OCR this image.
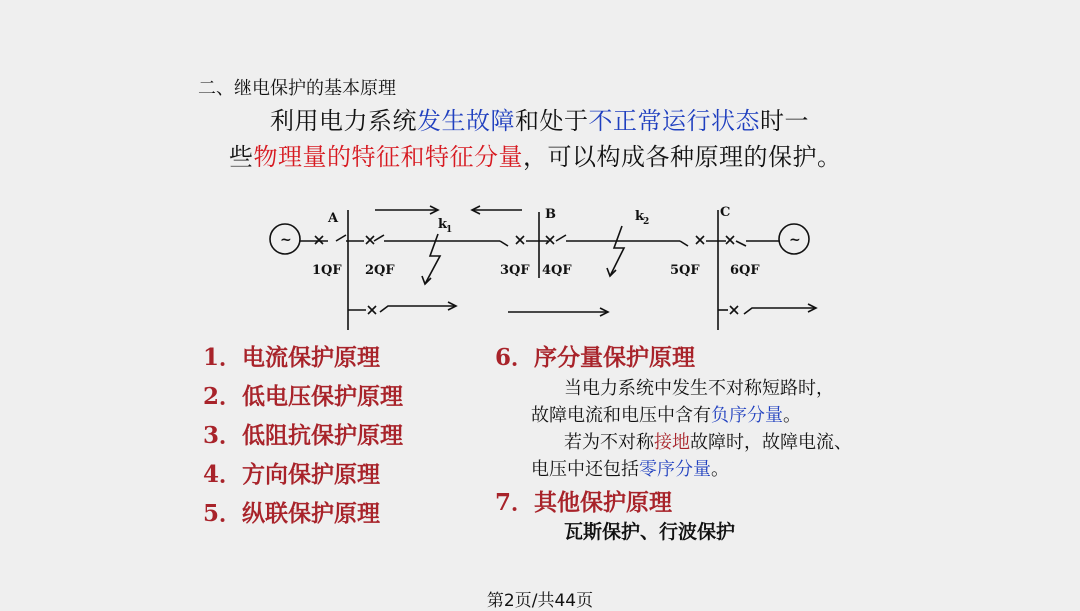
二、继电保护的基本原理
利用电力系统发生故障和处于不正常运行状态时一
些物理量的特征和特征分量，可以构成各种原理的保护。
~	~
A	B	C
k
1
k
2
1QF 2QF	3QF 4QF	5QF 6QF
1．电流保护原理
2．低电压保护原理
3．低阻抗保护原理
4．方向保护原理
5．纵联保护原理
6．序分量保护原理
当电力系统中发生不对称短路时，
故障电流和电压中含有负序分量。
若为不对称接地故障时，故障电流、
电压中还包括零序分量。
7．其他保护原理
瓦斯保护、行波保护
第2页/共44页
